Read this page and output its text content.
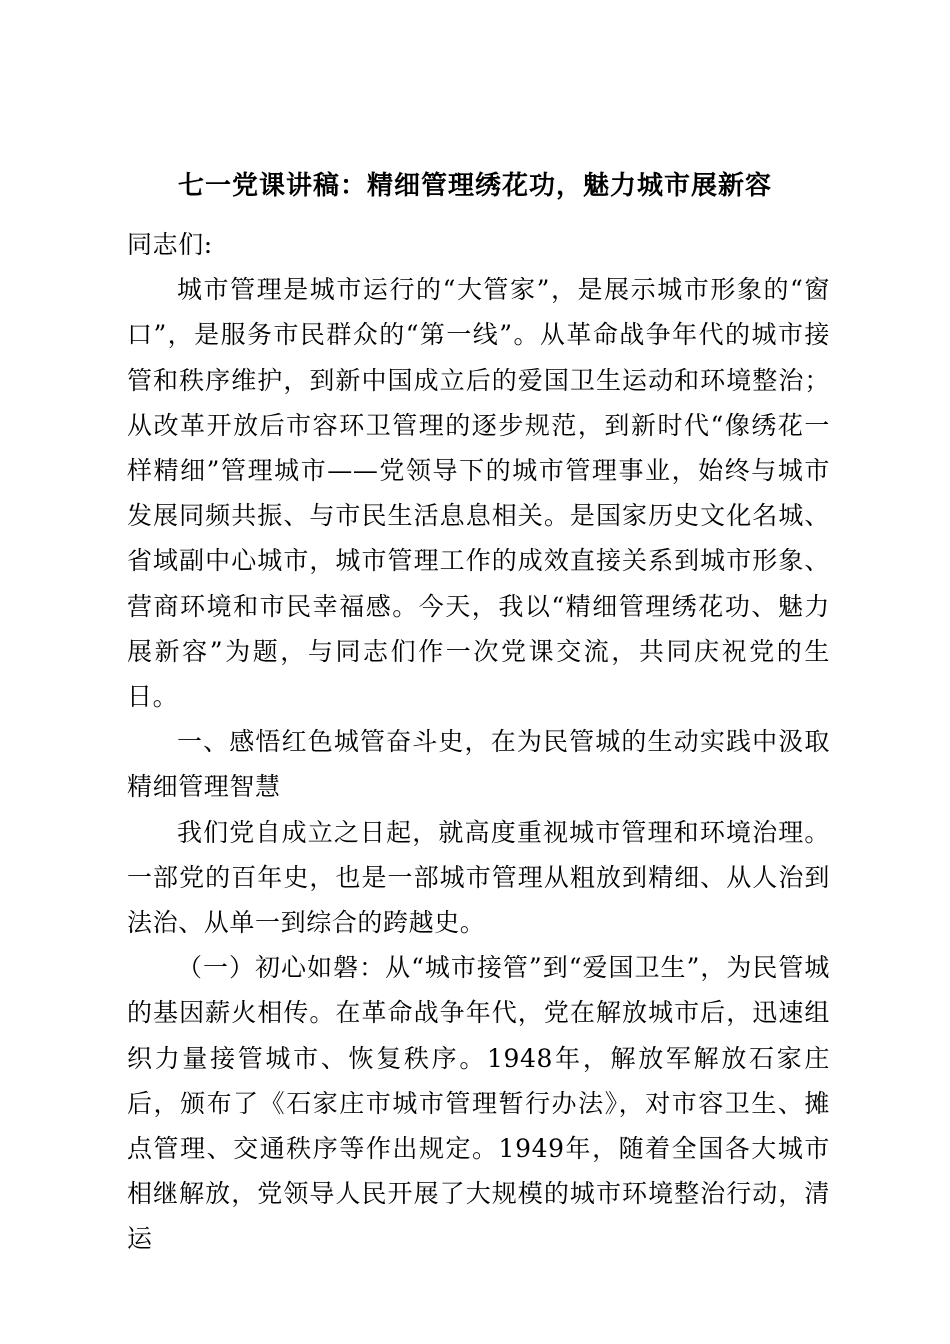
七一党课讲稿：精细管理绣花功，魅力城市展新容

同志们:

城市管理是城市运行的“大管家”，是展示城市形象的“窗口”，是服务市民群众的“第一线”。从革命战争年代的城市接管和秩序维护，到新中国成立后的爱国卫生运动和环境整治；从改革开放后市容环卫管理的逐步规范，到新时代“像绣花一样精细”管理城市——党领导下的城市管理事业，始终与城市发展同频共振、与市民生活息息相关。是国家历史文化名城、省域副中心城市，城市管理工作的成效直接关系到城市形象、营商环境和市民幸福感。今天，我以“精细管理绣花功、魅力展新容”为题，与同志们作一次党课交流，共同庆祝党的生日。

一、感悟红色城管奋斗史，在为民管城的生动实践中汲取精细管理智慧

我们党自成立之日起，就高度重视城市管理和环境治理。一部党的百年史，也是一部城市管理从粗放到精细、从人治到法治、从单一到综合的跨越史。

（一）初心如磐：从“城市接管”到“爱国卫生”，为民管城的基因薪火相传。在革命战争年代，党在解放城市后，迅速组织力量接管城市、恢复秩序。1948年，解放军解放石家庄后，颁布了《石家庄市城市管理暂行办法》，对市容卫生、摊点管理、交通秩序等作出规定。1949年，随着全国各大城市相继解放，党领导人民开展了大规模的城市环境整治行动，清运
